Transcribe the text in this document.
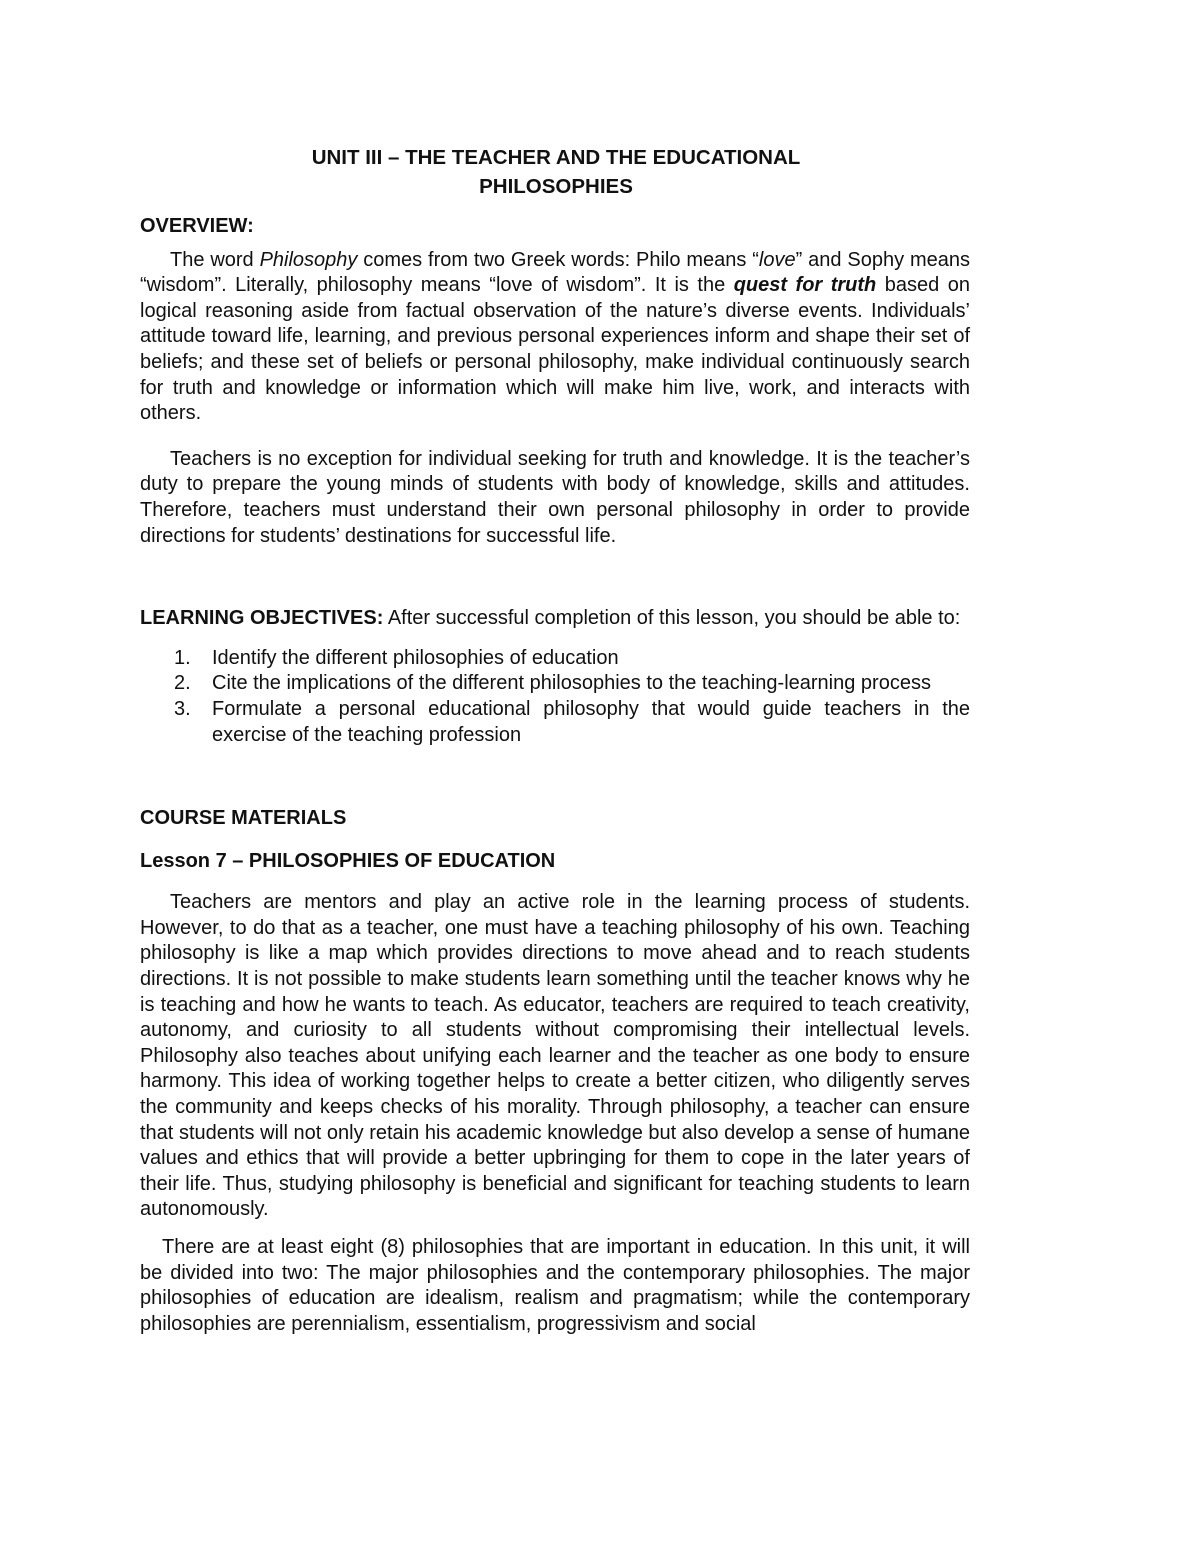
UNIT III – THE TEACHER AND THE EDUCATIONAL
PHILOSOPHIES
OVERVIEW:

The word Philosophy comes from two Greek words: Philo means “love” and Sophy means “wisdom”. Literally, philosophy means “love of wisdom”. It is the quest for truth based on logical reasoning aside from factual observation of the nature’s diverse events. Individuals’ attitude toward life, learning, and previous personal experiences inform and shape their set of beliefs; and these set of beliefs or personal philosophy, make individual continuously search for truth and knowledge or information which will make him live, work, and interacts with others.

Teachers is no exception for individual seeking for truth and knowledge. It is the teacher’s duty to prepare the young minds of students with body of knowledge, skills and attitudes. Therefore, teachers must understand their own personal philosophy in order to provide directions for students’ destinations for successful life.

LEARNING OBJECTIVES: After successful completion of this lesson, you should be able to:

1. Identify the different philosophies of education
2. Cite the implications of the different philosophies to the teaching-learning process
3. Formulate a personal educational philosophy that would guide teachers in the exercise of the teaching profession
COURSE MATERIALS
Lesson 7 – PHILOSOPHIES OF EDUCATION

Teachers are mentors and play an active role in the learning process of students. However, to do that as a teacher, one must have a teaching philosophy of his own. Teaching philosophy is like a map which provides directions to move ahead and to reach students directions. It is not possible to make students learn something until the teacher knows why he is teaching and how he wants to teach. As educator, teachers are required to teach creativity, autonomy, and curiosity to all students without compromising their intellectual levels. Philosophy also teaches about unifying each learner and the teacher as one body to ensure harmony. This idea of working together helps to create a better citizen, who diligently serves the community and keeps checks of his morality. Through philosophy, a teacher can ensure that students will not only retain his academic knowledge but also develop a sense of humane values and ethics that will provide a better upbringing for them to cope in the later years of their life. Thus, studying philosophy is beneficial and significant for teaching students to learn autonomously.

There are at least eight (8) philosophies that are important in education. In this unit, it will be divided into two: The major philosophies and the contemporary philosophies. The major philosophies of education are idealism, realism and pragmatism; while the contemporary philosophies are perennialism, essentialism, progressivism and social
